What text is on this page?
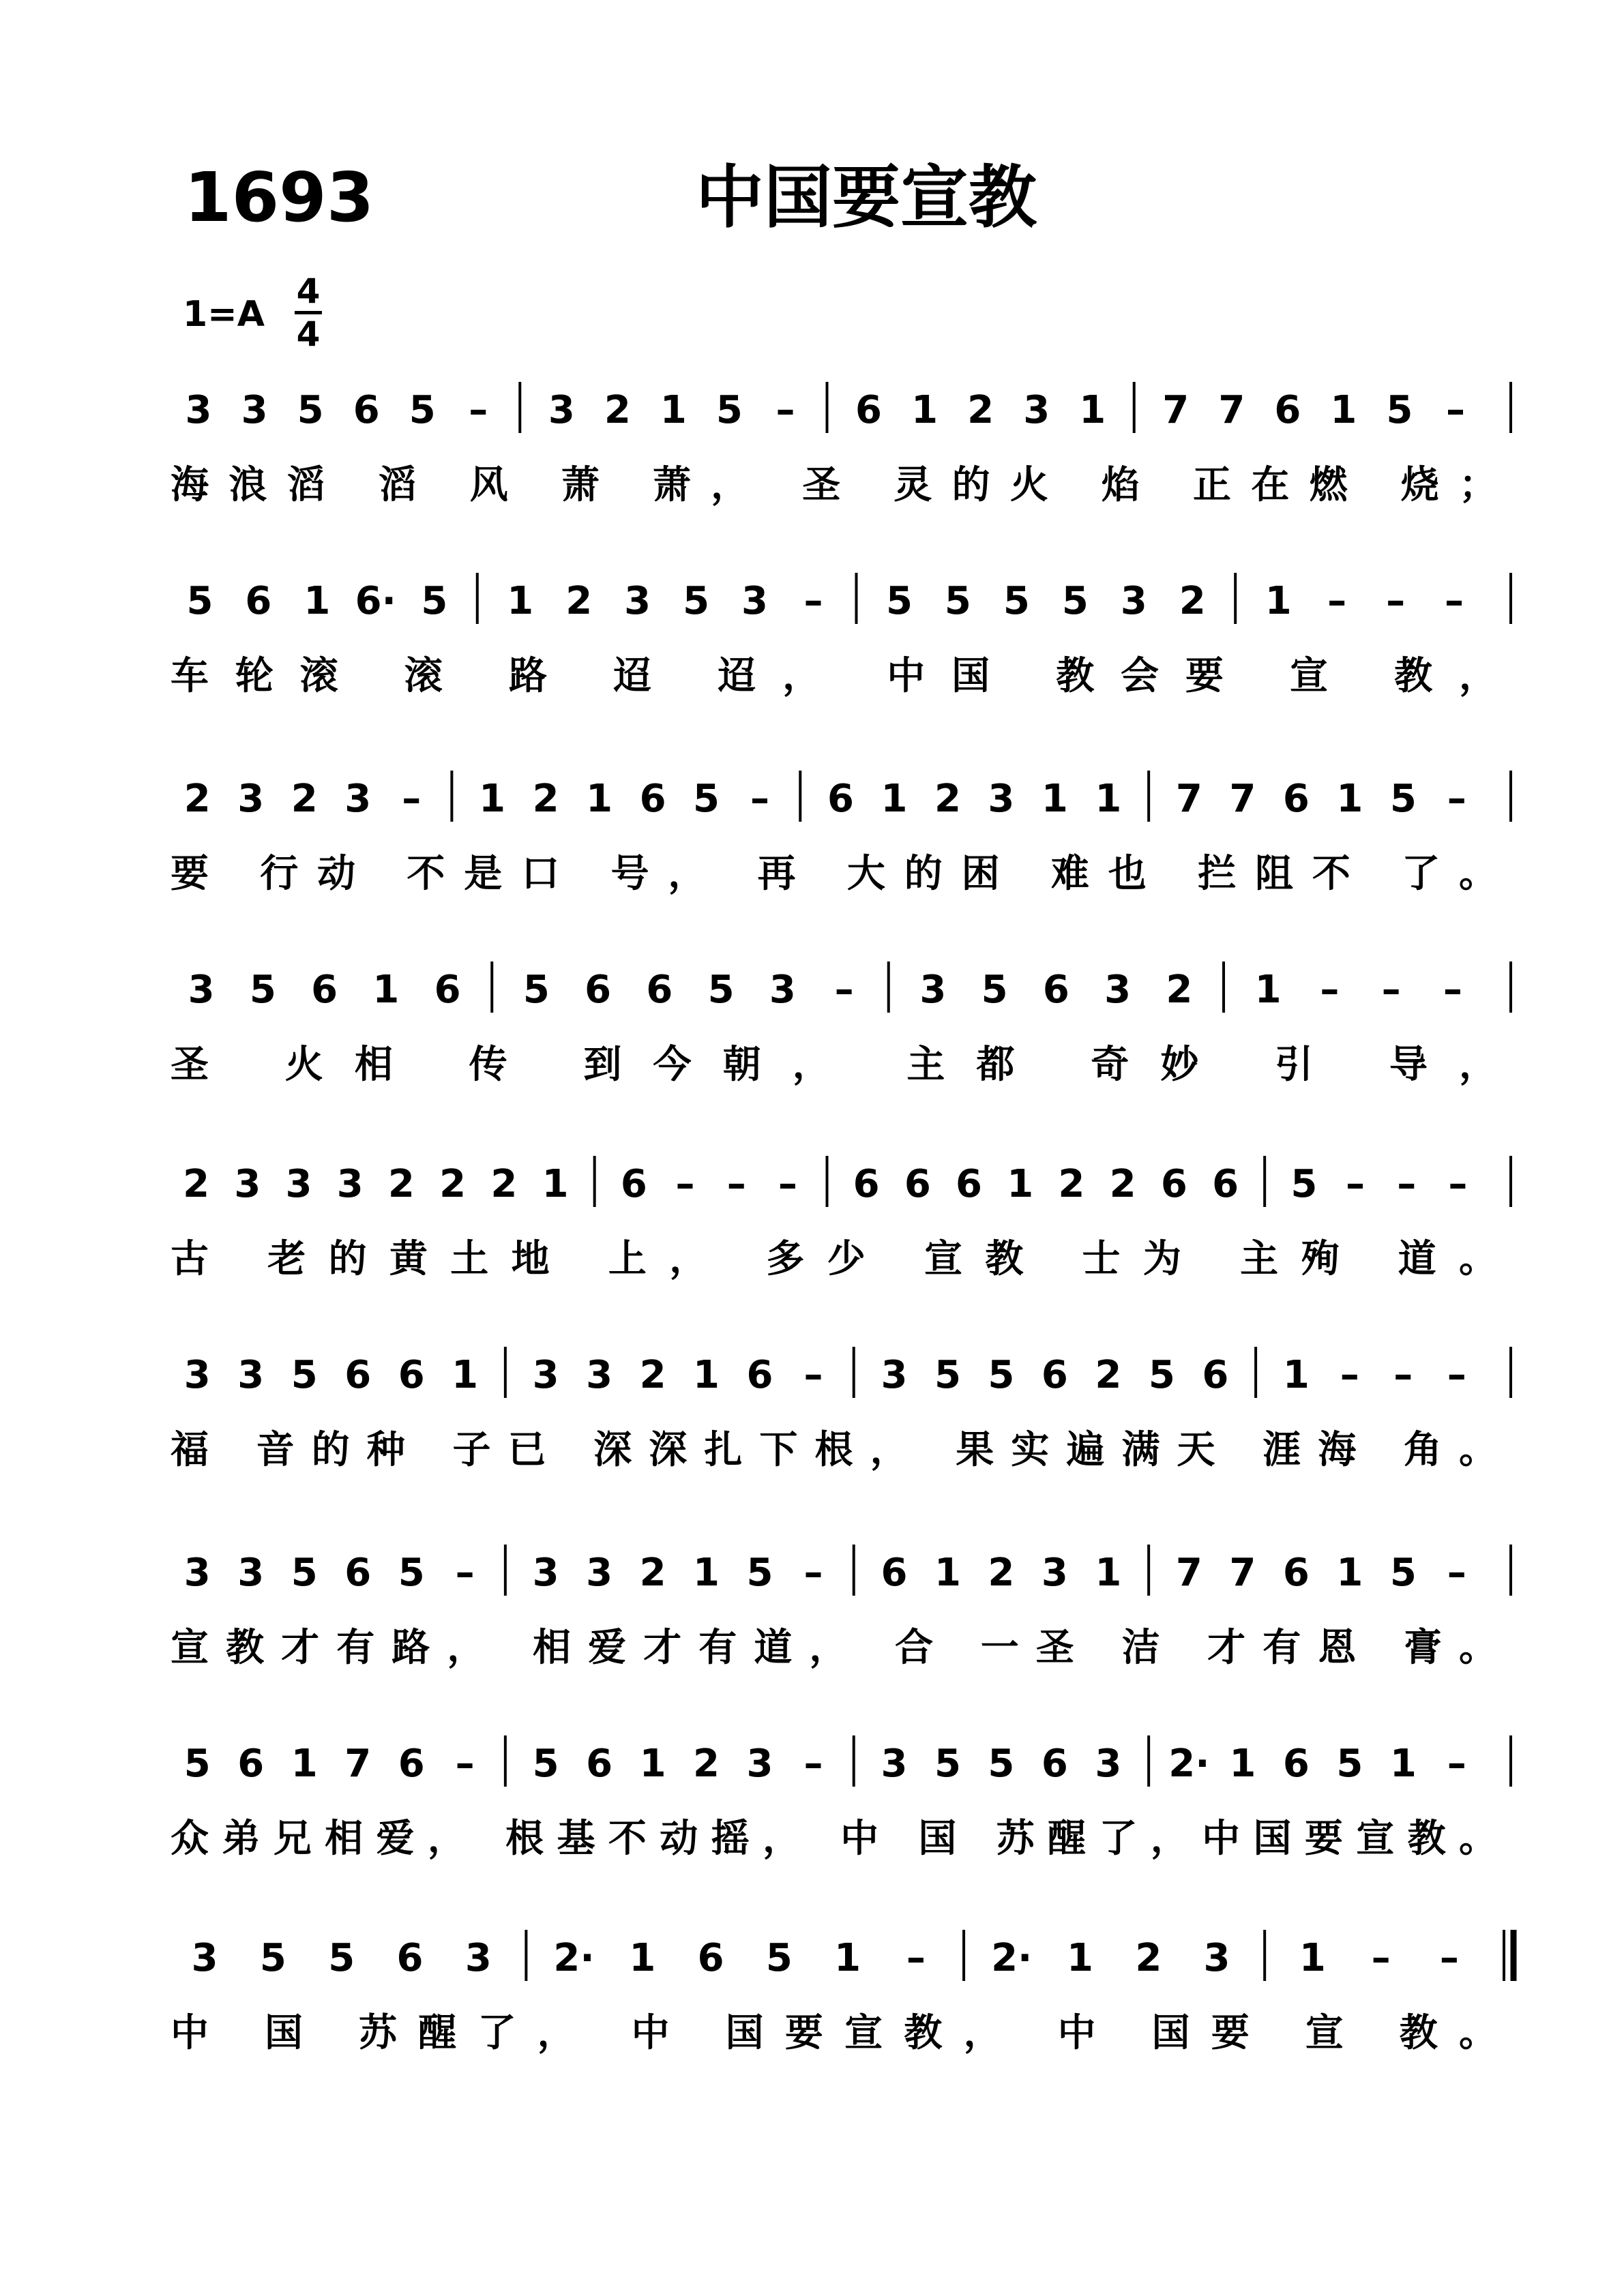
1693	中国要宣教
1=A
4
4
3 3 5 6 5 – 3 2 1 5 – 6 1 2 3 1 7 7 6 1 5 –
海浪滔 滔 风 萧 萧， 圣 灵的火 焰 正在燃 烧；
5 6 1 6· 5 1 2 3 5 3 – 5 5 5 5 3 2 1 – – –
车轮滚 滚 路 迢 迢， 中国 教会要 宣 教，
2 3 2 3 – 1 2 1 6 5 – 6 1 2 3 1 1 7 7 6 1 5 –
要 行动 不是口 号， 再 大的困 难也 拦阻不 了。
3 5 6 1 6 5 6 6 5 3 – 3 5 6 3 2 1 – – –
圣 火相 传 到今朝， 主都 奇妙 引 导，
2 3 3 3 2 2 2 1 6 – – – 6 6 6 1 2 2 6 6 5 – – –
古 老的黄土地 上， 多少 宣教 士为 主殉 道。
3 3 5 6 6 1 3 3 2 1 6 – 3 5 5 6 2 5 6 1 – – –
福 音的种 子已 深深扎下根， 果实遍满天 涯海 角。
3 3 5 6 5 – 3 3 2 1 5 – 6 1 2 3 1 7 7 6 1 5 –
宣教才有路， 相爱才有道， 合 一圣 洁 才有恩 膏。
5 6 1 7 6 – 5 6 1 2 3 – 3 5 5 6 3 2· 1 6 5 1 –
众弟兄相爱， 根基不动摇， 中 国 苏醒了，中国要宣教。
3 5 5 6 3 2· 1 6 5 1 – 2· 1 2 3 1 – –
中 国 苏醒了， 中 国要宣教， 中 国要 宣 教。
